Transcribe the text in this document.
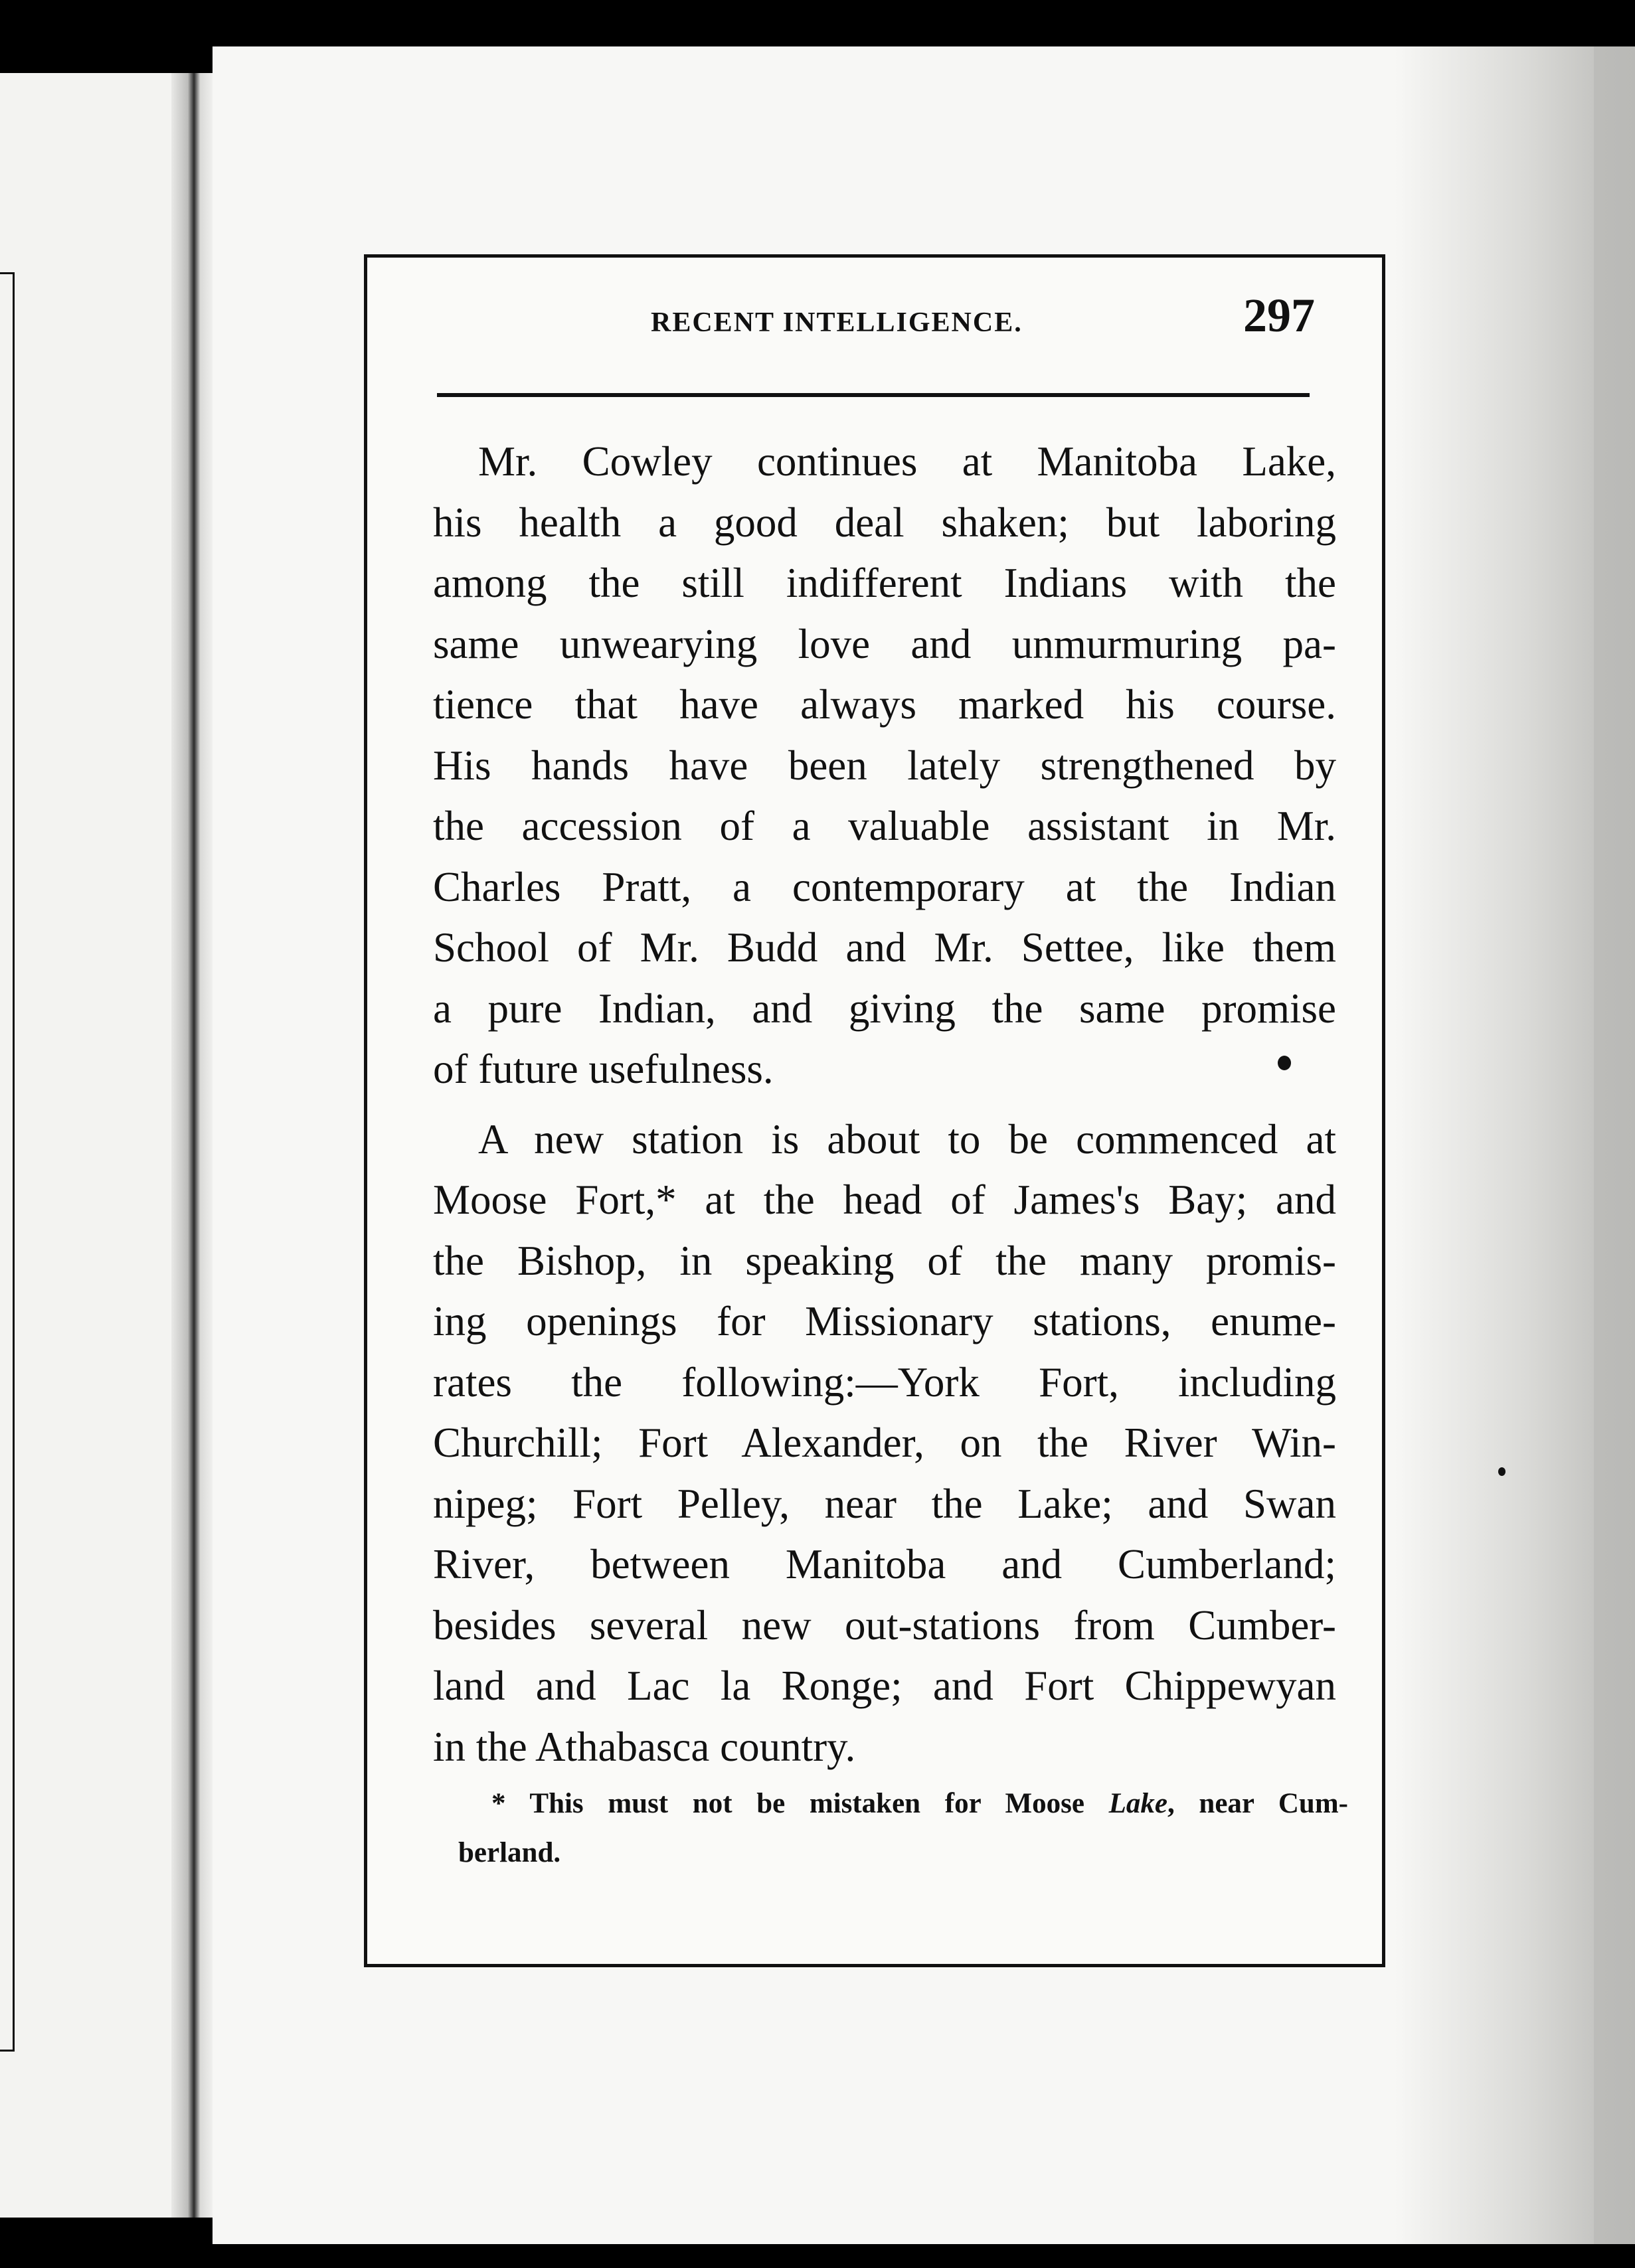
RECENT INTELLIGENCE.	297
Mr. Cowley continues at Manitoba Lake,
his health a good deal shaken; but laboring
among the still indifferent Indians with the
same unwearying love and unmurmuring pa-
tience that have always marked his course.
His hands have been lately strengthened by
the accession of a valuable assistant in Mr.
Charles Pratt, a contemporary at the Indian
School of Mr. Budd and Mr. Settee, like them
a pure Indian, and giving the same promise
of future usefulness.
A new station is about to be commenced at
Moose Fort,* at the head of James's Bay; and
the Bishop, in speaking of the many promis-
ing openings for Missionary stations, enume-
rates the following:—York Fort, including
Churchill; Fort Alexander, on the River Win-
nipeg; Fort Pelley, near the Lake; and Swan
River, between Manitoba and Cumberland;
besides several new out-stations from Cumber-
land and Lac la Ronge; and Fort Chippewyan
in the Athabasca country.
* This must not be mistaken for Moose Lake, near Cum-
berland.
